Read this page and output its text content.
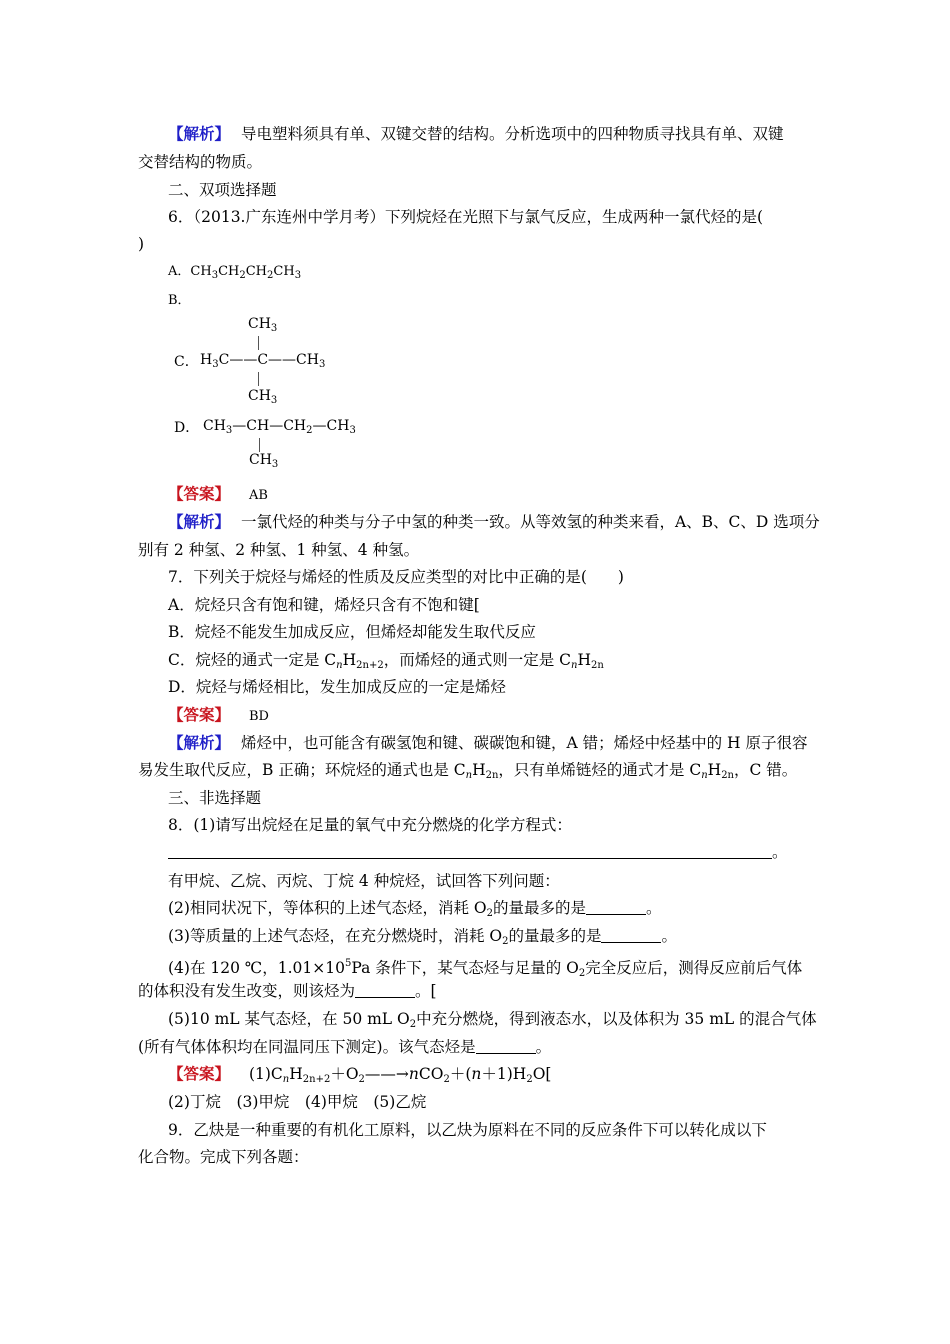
【解析】 导电塑料须具有单、双键交替的结构。分析选项中的四种物质寻找具有单、双键
交替结构的物质。
二、双项选择题
6．（2013.广东连州中学月考）下列烷烃在光照下与氯气反应，生成两种一氯代烃的是(
)
A．$CH_3CH_2CH_2CH_3$
B．
C．
$CH_3$
$H_3C——C——CH_3$
$CH_3$
D． $CH_3—CH—CH_2—CH_3$
$CH_3$
【答案】 AB
【解析】 一氯代烃的种类与分子中氢的种类一致。从等效氢的种类来看，A、B、C、D 选项分
别有 2 种氢、2 种氢、1 种氢、4 种氢。
7．下列关于烷烃与烯烃的性质及反应类型的对比中正确的是(　　)
A．烷烃只含有饱和键，烯烃只含有不饱和键[
B．烷烃不能发生加成反应，但烯烃却能发生取代反应
C．烷烃的通式一定是 $C_nH_{2n+2}$，而烯烃的通式则一定是 $C_nH_{2n}$
D．烷烃与烯烃相比，发生加成反应的一定是烯烃
【答案】 BD
【解析】 烯烃中，也可能含有碳氢饱和键、碳碳饱和键，A 错；烯烃中烃基中的 H 原子很容
易发生取代反应，B 正确；环烷烃的通式也是 $C_nH_{2n}$，只有单烯链烃的通式才是 $C_nH_{2n}$，C 错。
三、非选择题
8．(1)请写出烷烃在足量的氧气中充分燃烧的化学方程式：
。
有甲烷、乙烷、丙烷、丁烷 4 种烷烃，试回答下列问题：
(2)相同状况下，等体积的上述气态烃，消耗 $O_2$的量最多的是	。
(3)等质量的上述气态烃，在充分燃烧时，消耗 $O_2$的量最多的是	。
(4)在 120 ℃，$1.01\times 10^5Pa$ 条件下，某气态烃与足量的 $O_2$完全反应后，测得反应前后气体
的体积没有发生改变，则该烃为	。[
(5)10 mL 某气态烃，在 50 mL $O_2$中充分燃烧，得到液态水，以及体积为 35 mL 的混合气体
(所有气体体积均在同温同压下测定)。该气态烃是	。
【答案】 $(1)C_nH_{2n+2}+O_2——\to nCO_2+(n+1)H_2O$[
(2)丁烷　(3)甲烷　(4)甲烷　(5)乙烷
9．乙炔是一种重要的有机化工原料，以乙炔为原料在不同的反应条件下可以转化成以下
化合物。完成下列各题：
